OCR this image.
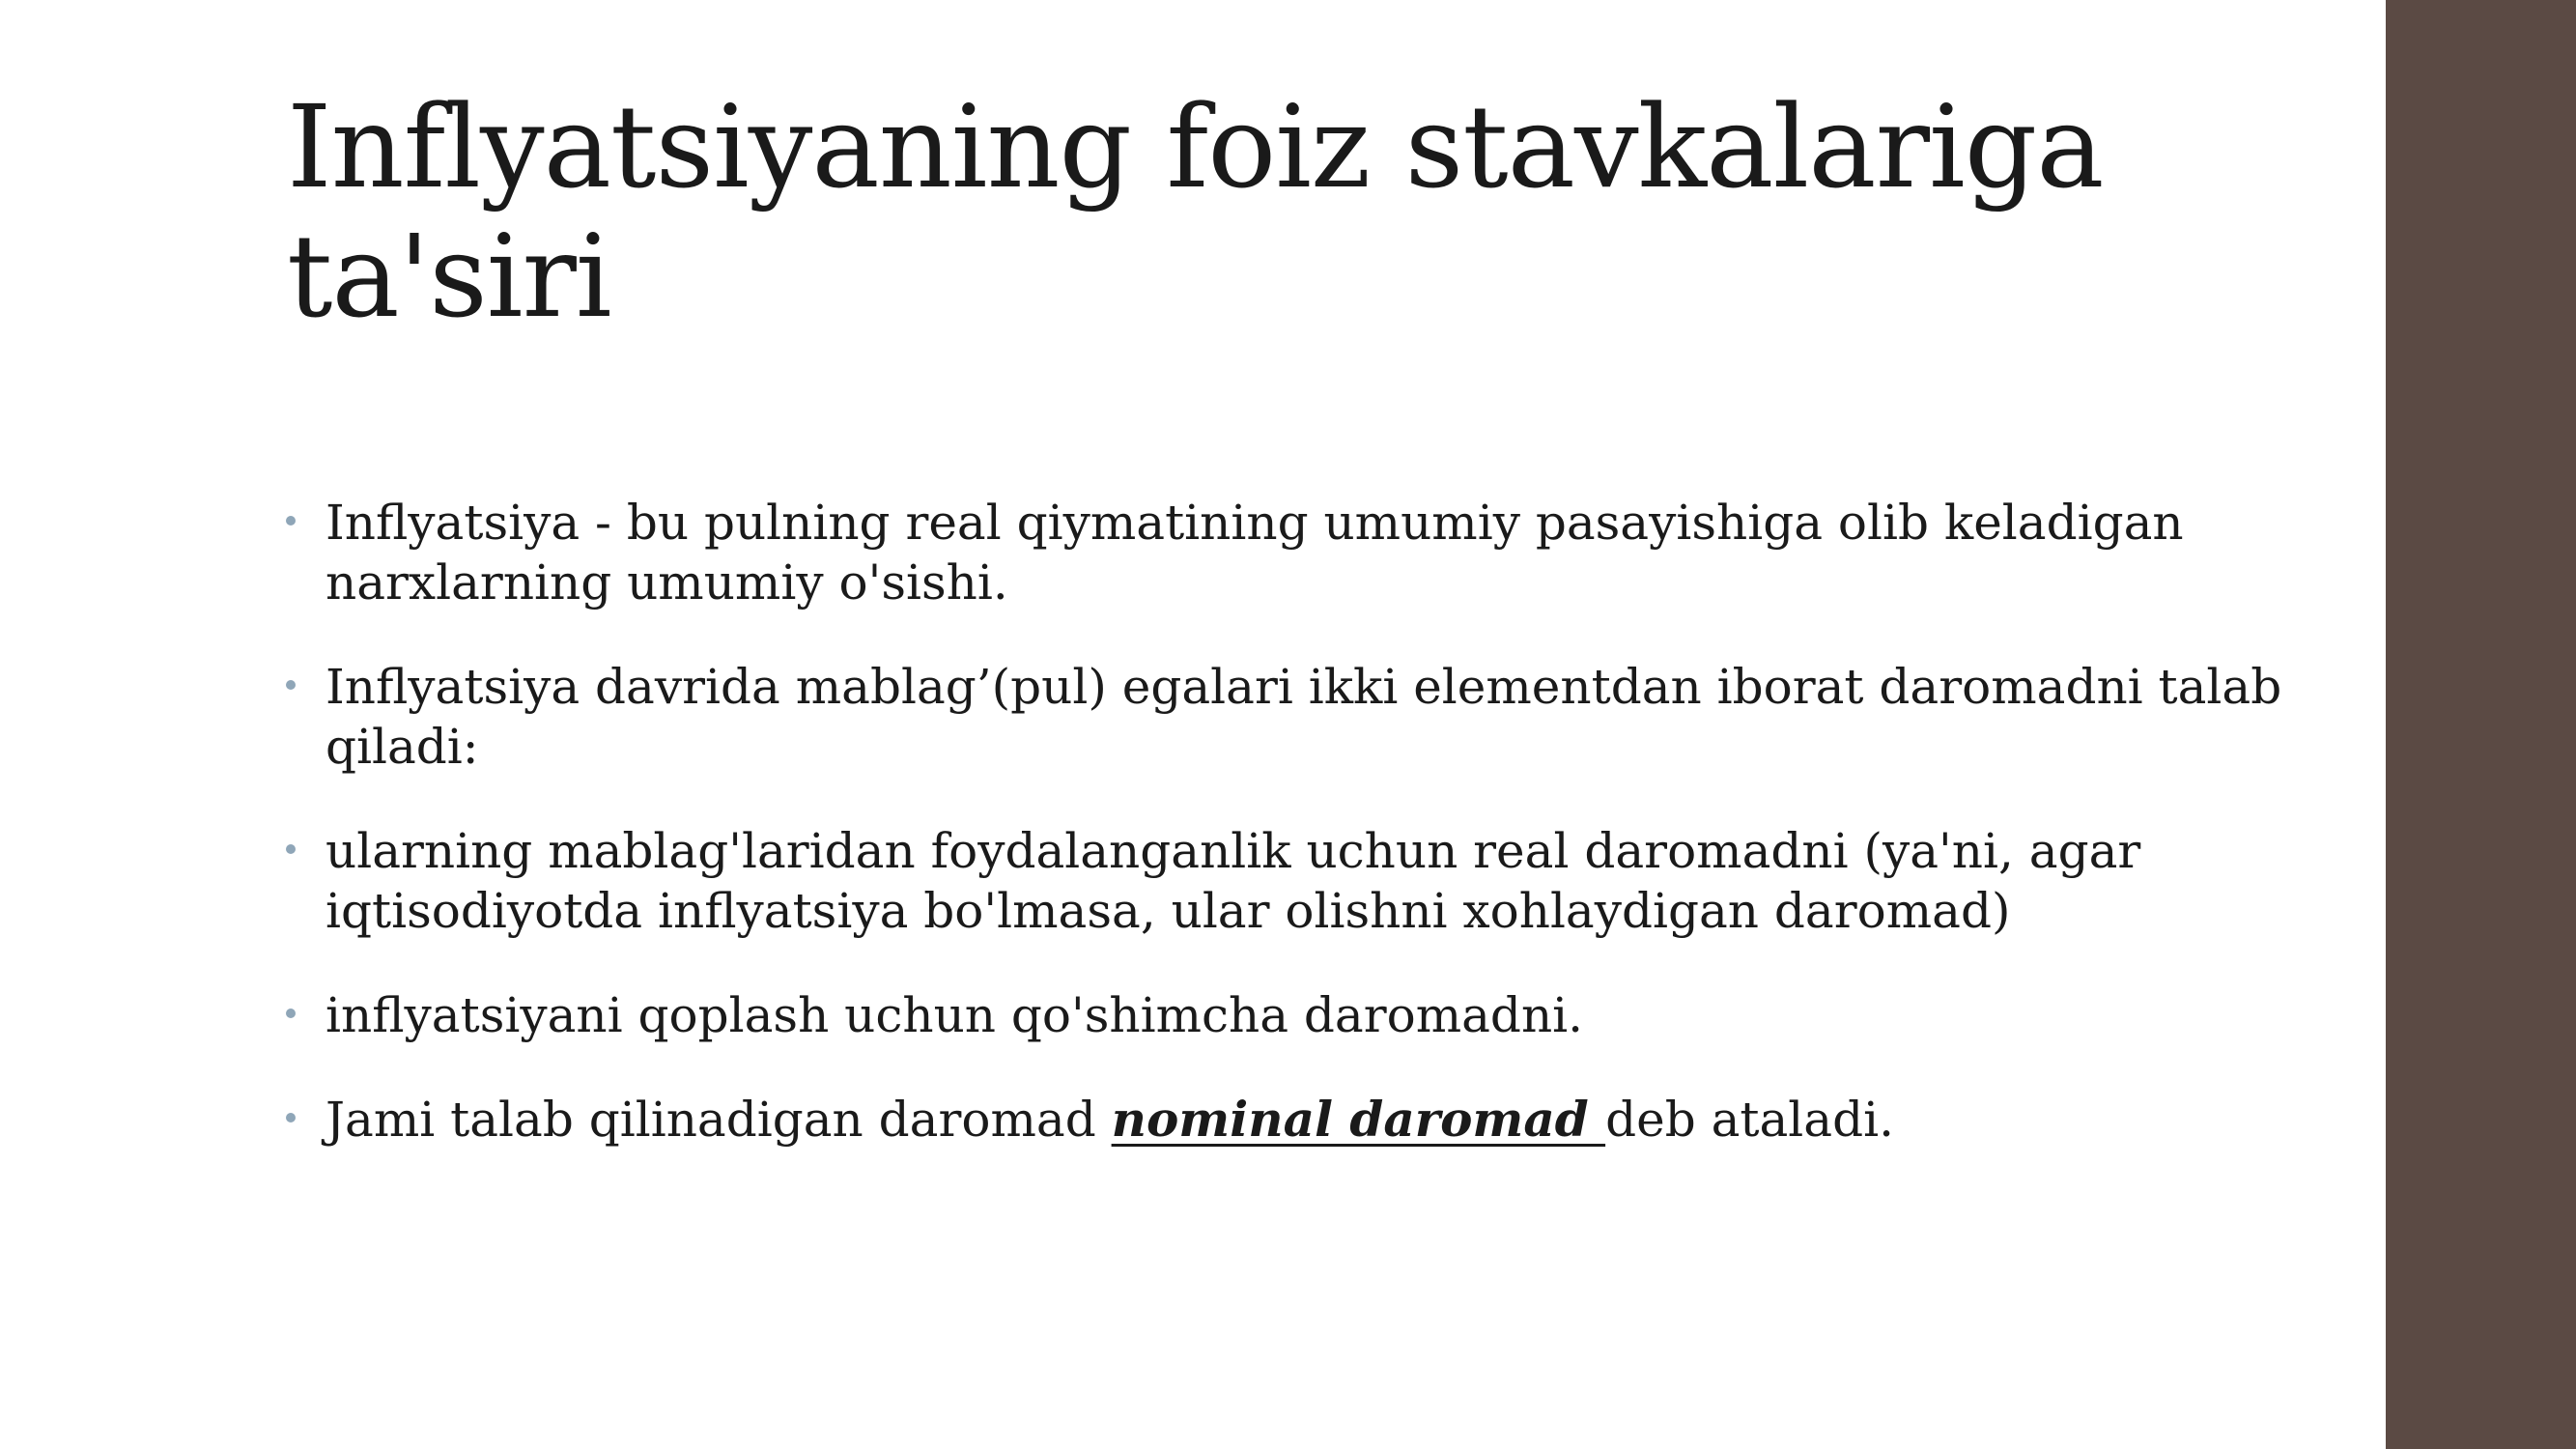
Inflyatsiyaning foiz stavkalariga
ta'siri
Inflyatsiya - bu pulning real qiymatining umumiy pasayishiga olib keladigan narxlarning umumiy o'sishi.
Inflyatsiya davrida mablag’(pul) egalari ikki elementdan iborat daromadni talab qiladi:
ularning mablag'laridan foydalanganlik uchun real daromadni (ya'ni, agar iqtisodiyotda inflyatsiya bo'lmasa, ular olishni xohlaydigan daromad)
inflyatsiyani qoplash uchun qo'shimcha daromadni.
Jami talab qilinadigan daromad nominal daromad deb ataladi.
